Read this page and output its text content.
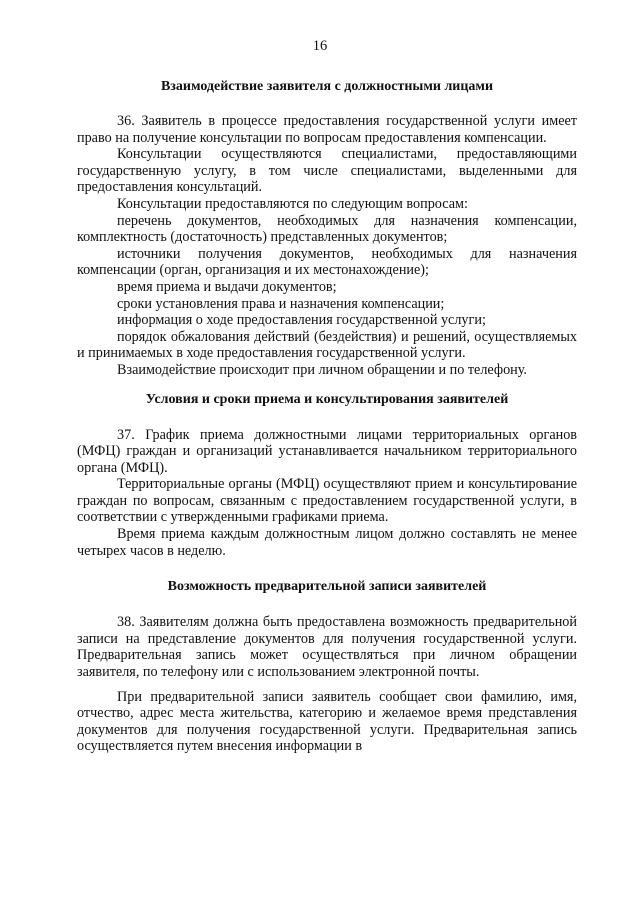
16

Взаимодействие заявителя с должностными лицами

36. Заявитель в процессе предоставления государственной услуги имеет право на получение консультации по вопросам предоставления компенсации.

Консультации осуществляются специалистами, предоставляющими государственную услугу, в том числе специалистами, выделенными для предоставления консультаций.

Консультации предоставляются по следующим вопросам:

перечень документов, необходимых для назначения компенсации, комплектность (достаточность) представленных документов;

источники получения документов, необходимых для назначения компенсации (орган, организация и их местонахождение);

время приема и выдачи документов;

сроки установления права и назначения компенсации;

информация о ходе предоставления государственной услуги;

порядок обжалования действий (бездействия) и решений, осуществляемых и принимаемых в ходе предоставления государственной услуги.

Взаимодействие происходит при личном обращении и по телефону.

Условия и сроки приема и консультирования заявителей

37. График приема должностными лицами территориальных органов (МФЦ) граждан и организаций устанавливается начальником территориального органа (МФЦ).

Территориальные органы (МФЦ) осуществляют прием и консультирование граждан по вопросам, связанным с предоставлением государственной услуги, в соответствии с утвержденными графиками приема.

Время приема каждым должностным лицом должно составлять не менее четырех часов в неделю.

Возможность предварительной записи заявителей

38. Заявителям должна быть предоставлена возможность предварительной записи на представление документов для получения государственной услуги. Предварительная запись может осуществляться при личном обращении заявителя, по телефону или с использованием электронной почты.

При предварительной записи заявитель сообщает свои фамилию, имя, отчество, адрес места жительства, категорию и желаемое время представления документов для получения государственной услуги. Предварительная запись осуществляется путем внесения информации в
